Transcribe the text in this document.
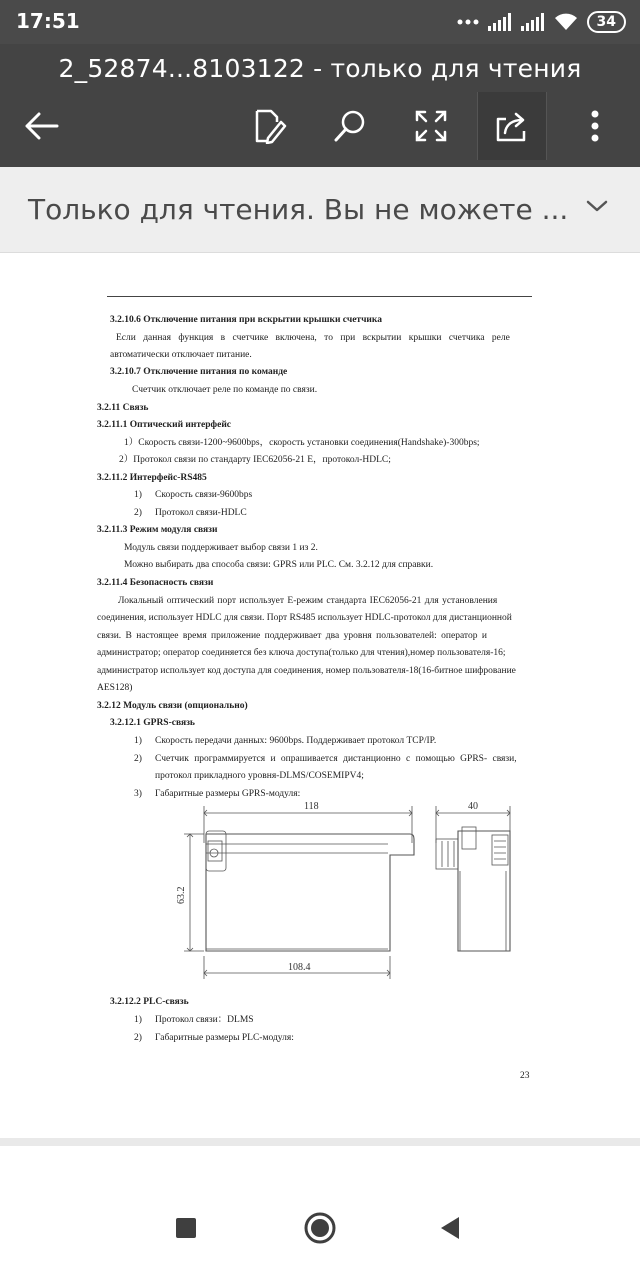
17:51	34
2_52874...8103122 - только для чтения
Только для чтения. Вы не можете ...
3.2.10.6 Отключение питания при вскрытии крышки счетчика
Если данная функция в счетчике включена, то при вскрытии крышки счетчика реле
автоматически отключает питание.
3.2.10.7 Отключение питания по команде
Счетчик отключает реле по команде по связи.
3.2.11 Связь
3.2.11.1 Оптический интерфейс
1）Скорость связи-1200~9600bps，скорость установки соединения(Handshake)-300bps;
2）Протокол связи по стандарту IEC62056-21 E，протокол-HDLC;
3.2.11.2 Интерфейс-RS485
1) Скорость связи-9600bps
2) Протокол связи-HDLC
3.2.11.3 Режим модуля связи
Модуль связи поддерживает выбор связи 1 из 2.
Можно выбирать два способа связи: GPRS или PLC. См. 3.2.12 для справки.
3.2.11.4 Безопасность связи
Локальный оптический порт использует E-режим стандарта IEC62056-21 для установления
соединения, использует HDLC для связи. Порт RS485 использует HDLC-протокол для дистанционной
связи. В настоящее время приложение поддерживает два уровня пользователей: оператор и
администратор; оператор соединяется без ключа доступа(только для чтения),номер пользователя-16;
администратор использует код доступа для соединения, номер пользователя-18(16-битное шифрование
AES128)
3.2.12 Модуль связи (опционально)
3.2.12.1 GPRS-связь
1) Скорость передачи данных: 9600bps. Поддерживает протокол TCP/IP.
2) Счетчик программируется и опрашивается дистанционно с помощью GPRS- связи,
протокол прикладного уровня-DLMS/COSEMIPV4;
3) Габаритные размеры GPRS-модуля:
118	40
63.2
108.4
3.2.12.2 PLC-связь
1) Протокол связи：DLMS
2) Габаритные размеры PLC-модуля:
23
